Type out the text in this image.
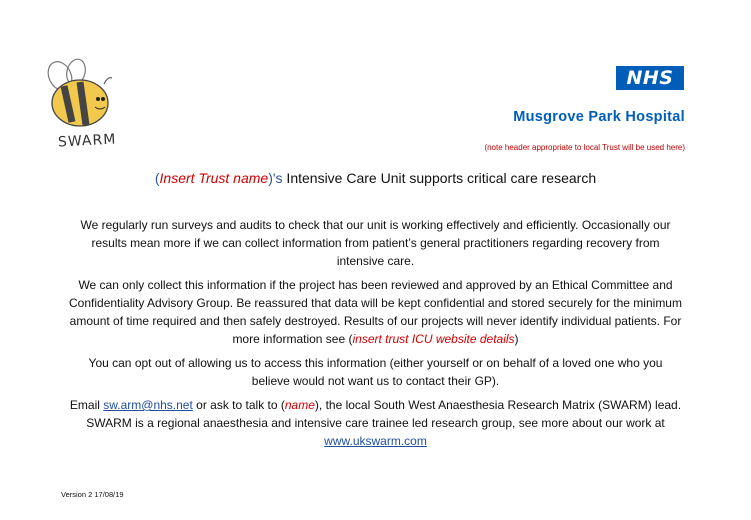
SWARM
NHS
Musgrove Park Hospital
(note header appropriate to local Trust will be used here)
(Insert Trust name)'s Intensive Care Unit supports critical care research

We regularly run surveys and audits to check that our unit is working effectively and efficiently. Occasionally our results mean more if we can collect information from patient’s general practitioners regarding recovery from intensive care.

We can only collect this information if the project has been reviewed and approved by an Ethical Committee and Confidentiality Advisory Group. Be reassured that data will be kept confidential and stored securely for the minimum amount of time required and then safely destroyed. Results of our projects will never identify individual patients. For more information see (insert trust ICU website details)

You can opt out of allowing us to access this information (either yourself or on behalf of a loved one who you believe would not want us to contact their GP).

Email sw.arm@nhs.net or ask to talk to (name), the local South West Anaesthesia Research Matrix (SWARM) lead. SWARM is a regional anaesthesia and intensive care trainee led research group, see more about our work at www.ukswarm.com

Version 2 17/08/19
